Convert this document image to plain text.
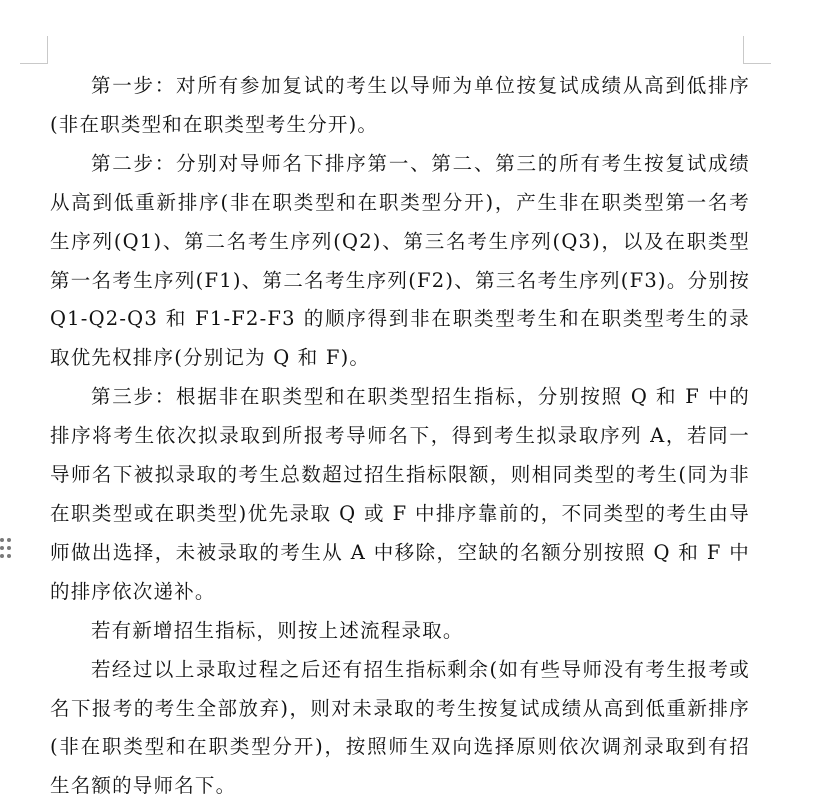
第一步：对所有参加复试的考生以导师为单位按复试成绩从高到低排序(非在职类型和在职类型考生分开)。

第二步：分别对导师名下排序第一、第二、第三的所有考生按复试成绩从高到低重新排序(非在职类型和在职类型分开)，产生非在职类型第一名考生序列(Q1)、第二名考生序列(Q2)、第三名考生序列(Q3)，以及在职类型第一名考生序列(F1)、第二名考生序列(F2)、第三名考生序列(F3)。分别按 Q1-Q2-Q3 和 F1-F2-F3 的顺序得到非在职类型考生和在职类型考生的录取优先权排序(分别记为 Q 和 F)。

第三步：根据非在职类型和在职类型招生指标，分别按照 Q 和 F 中的排序将考生依次拟录取到所报考导师名下，得到考生拟录取序列 A，若同一导师名下被拟录取的考生总数超过招生指标限额，则相同类型的考生(同为非在职类型或在职类型)优先录取 Q 或 F 中排序靠前的，不同类型的考生由导师做出选择，未被录取的考生从 A 中移除，空缺的名额分别按照 Q 和 F 中的排序依次递补。

若有新增招生指标，则按上述流程录取。

若经过以上录取过程之后还有招生指标剩余(如有些导师没有考生报考或名下报考的考生全部放弃)，则对未录取的考生按复试成绩从高到低重新排序(非在职类型和在职类型分开)，按照师生双向选择原则依次调剂录取到有招生名额的导师名下。
